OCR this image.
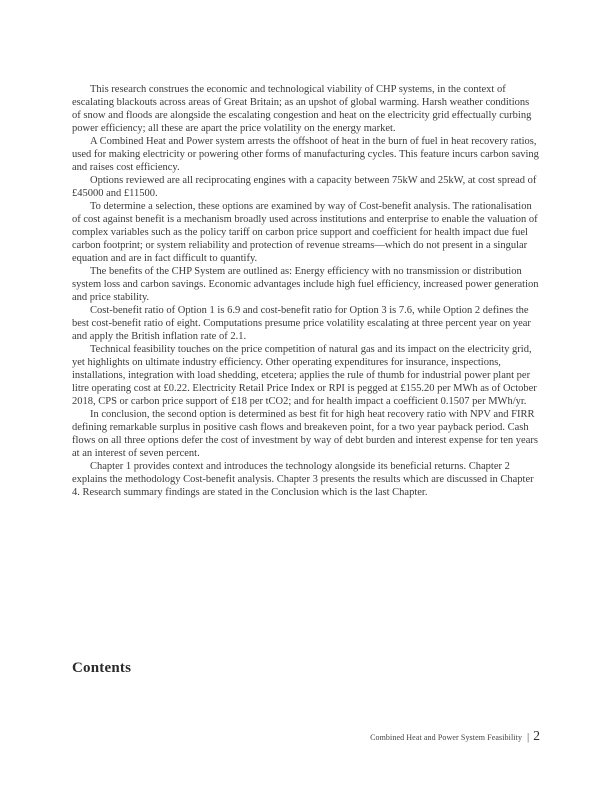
This research construes the economic and technological viability of CHP systems, in the context of escalating blackouts across areas of Great Britain; as an upshot of global warming. Harsh weather conditions of snow and floods are alongside the escalating congestion and heat on the electricity grid effectually curbing power efficiency; all these are apart the price volatility on the energy market.

A Combined Heat and Power system arrests the offshoot of heat in the burn of fuel in heat recovery ratios, used for making electricity or powering other forms of manufacturing cycles. This feature incurs carbon saving and raises cost efficiency.

Options reviewed are all reciprocating engines with a capacity between 75kW and 25kW, at cost spread of £45000 and £11500.

To determine a selection, these options are examined by way of Cost-benefit analysis. The rationalisation of cost against benefit is a mechanism broadly used across institutions and enterprise to enable the valuation of complex variables such as the policy tariff on carbon price support and coefficient for health impact due fuel carbon footprint; or system reliability and protection of revenue streams—which do not present in a singular equation and are in fact difficult to quantify.

The benefits of the CHP System are outlined as: Energy efficiency with no transmission or distribution system loss and carbon savings. Economic advantages include high fuel efficiency, increased power generation and price stability.

Cost-benefit ratio of Option 1 is 6.9 and cost-benefit ratio for Option 3 is 7.6, while Option 2 defines the best cost-benefit ratio of eight. Computations presume price volatility escalating at three percent year on year and apply the British inflation rate of 2.1.

Technical feasibility touches on the price competition of natural gas and its impact on the electricity grid, yet highlights on ultimate industry efficiency. Other operating expenditures for insurance, inspections, installations, integration with load shedding, etcetera; applies the rule of thumb for industrial power plant per litre operating cost at £0.22. Electricity Retail Price Index or RPI is pegged at £155.20 per MWh as of October 2018, CPS or carbon price support of £18 per tCO2; and for health impact a coefficient 0.1507 per MWh/yr.

In conclusion, the second option is determined as best fit for high heat recovery ratio with NPV and FIRR defining remarkable surplus in positive cash flows and breakeven point, for a two year payback period. Cash flows on all three options defer the cost of investment by way of debt burden and interest expense for ten years at an interest of seven percent.

Chapter 1 provides context and introduces the technology alongside its beneficial returns. Chapter 2 explains the methodology Cost-benefit analysis. Chapter 3 presents the results which are discussed in Chapter 4. Research summary findings are stated in the Conclusion which is the last Chapter.

Contents
Combined Heat and Power System Feasibility | 2
